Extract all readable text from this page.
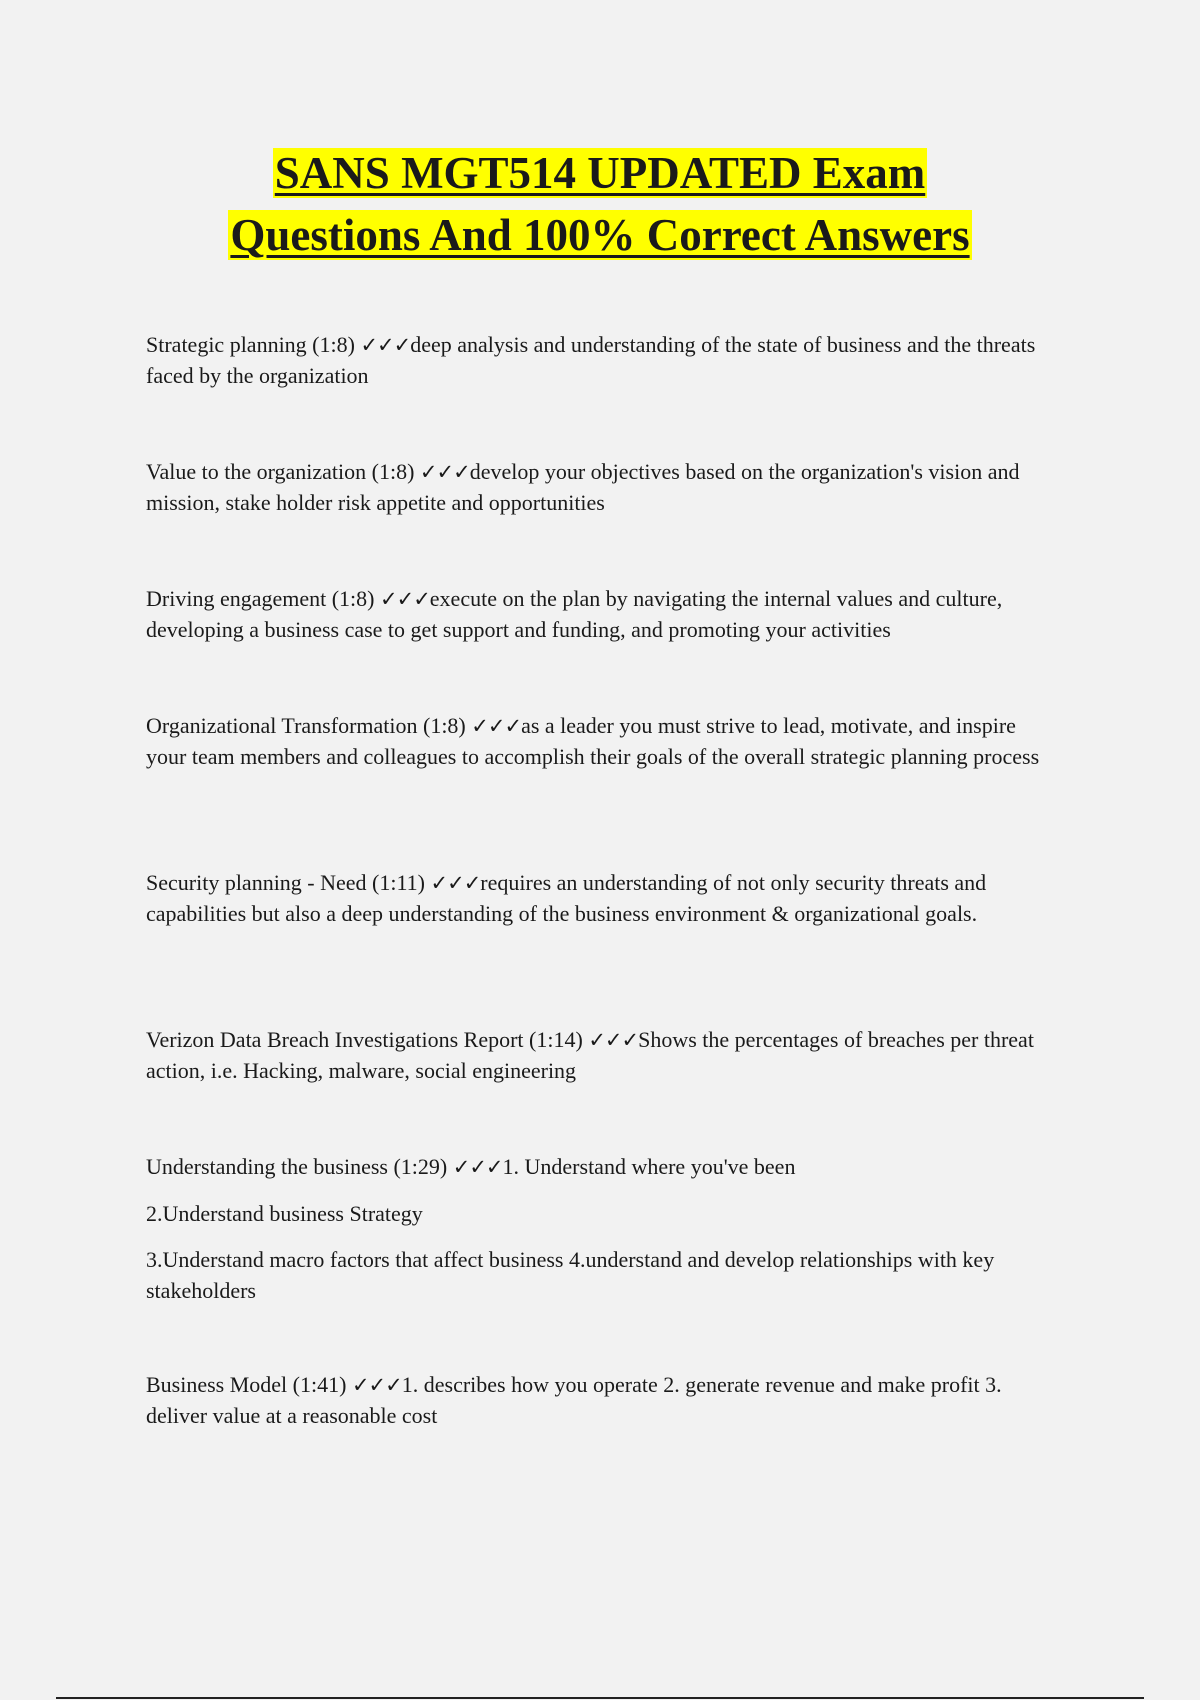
SANS MGT514 UPDATED Exam
Questions And 100% Correct Answers

Strategic planning (1:8) ✓✓✓deep analysis and understanding of the state of business and the threats faced by the organization

Value to the organization (1:8) ✓✓✓develop your objectives based on the organization's vision and mission, stake holder risk appetite and opportunities

Driving engagement (1:8) ✓✓✓execute on the plan by navigating the internal values and culture, developing a business case to get support and funding, and promoting your activities

Organizational Transformation (1:8) ✓✓✓as a leader you must strive to lead, motivate, and inspire your team members and colleagues to accomplish their goals of the overall strategic planning process

Security planning - Need (1:11) ✓✓✓requires an understanding of not only security threats and capabilities but also a deep understanding of the business environment & organizational goals.

Verizon Data Breach Investigations Report (1:14) ✓✓✓Shows the percentages of breaches per threat action, i.e. Hacking, malware, social engineering

Understanding the business (1:29) ✓✓✓1. Understand where you've been

2.Understand business Strategy

3.Understand macro factors that affect business 4.understand and develop relationships with key stakeholders

Business Model (1:41) ✓✓✓1. describes how you operate 2. generate revenue and make profit 3. deliver value at a reasonable cost
